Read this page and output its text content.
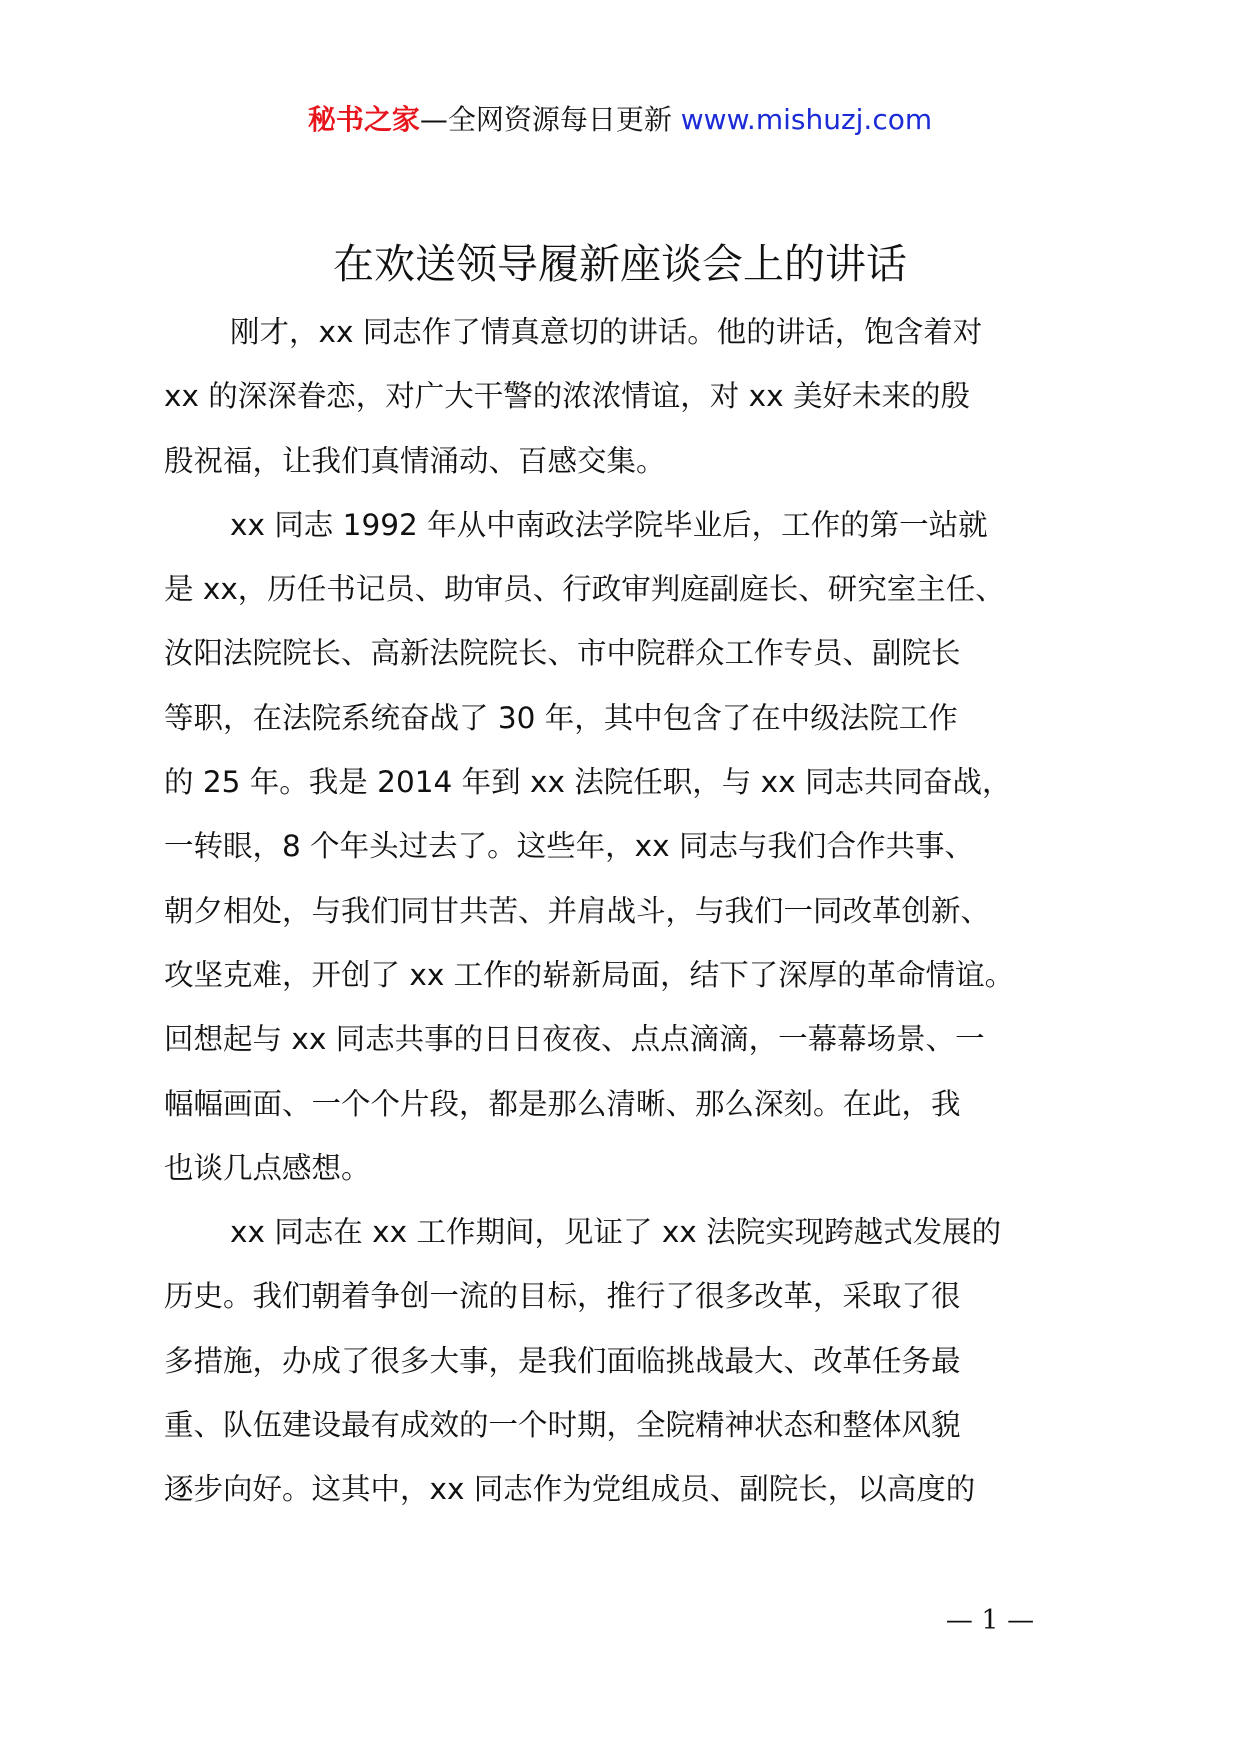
秘书之家—全网资源每日更新 www.mishuzj.com
在欢送领导履新座谈会上的讲话
刚才，xx 同志作了情真意切的讲话。他的讲话，饱含着对
xx 的深深眷恋，对广大干警的浓浓情谊，对 xx 美好未来的殷
殷祝福，让我们真情涌动、百感交集。
xx 同志 1992 年从中南政法学院毕业后，工作的第一站就
是 xx，历任书记员、助审员、行政审判庭副庭长、研究室主任、
汝阳法院院长、高新法院院长、市中院群众工作专员、副院长
等职，在法院系统奋战了 30 年，其中包含了在中级法院工作
的 25 年。我是 2014 年到 xx 法院任职，与 xx 同志共同奋战，
一转眼，8 个年头过去了。这些年，xx 同志与我们合作共事、
朝夕相处，与我们同甘共苦、并肩战斗，与我们一同改革创新、
攻坚克难，开创了 xx 工作的崭新局面，结下了深厚的革命情谊。
回想起与 xx 同志共事的日日夜夜、点点滴滴，一幕幕场景、一
幅幅画面、一个个片段，都是那么清晰、那么深刻。在此，我
也谈几点感想。
xx 同志在 xx 工作期间，见证了 xx 法院实现跨越式发展的
历史。我们朝着争创一流的目标，推行了很多改革，采取了很
多措施，办成了很多大事，是我们面临挑战最大、改革任务最
重、队伍建设最有成效的一个时期，全院精神状态和整体风貌
逐步向好。这其中，xx 同志作为党组成员、副院长，以高度的
— 1 —
